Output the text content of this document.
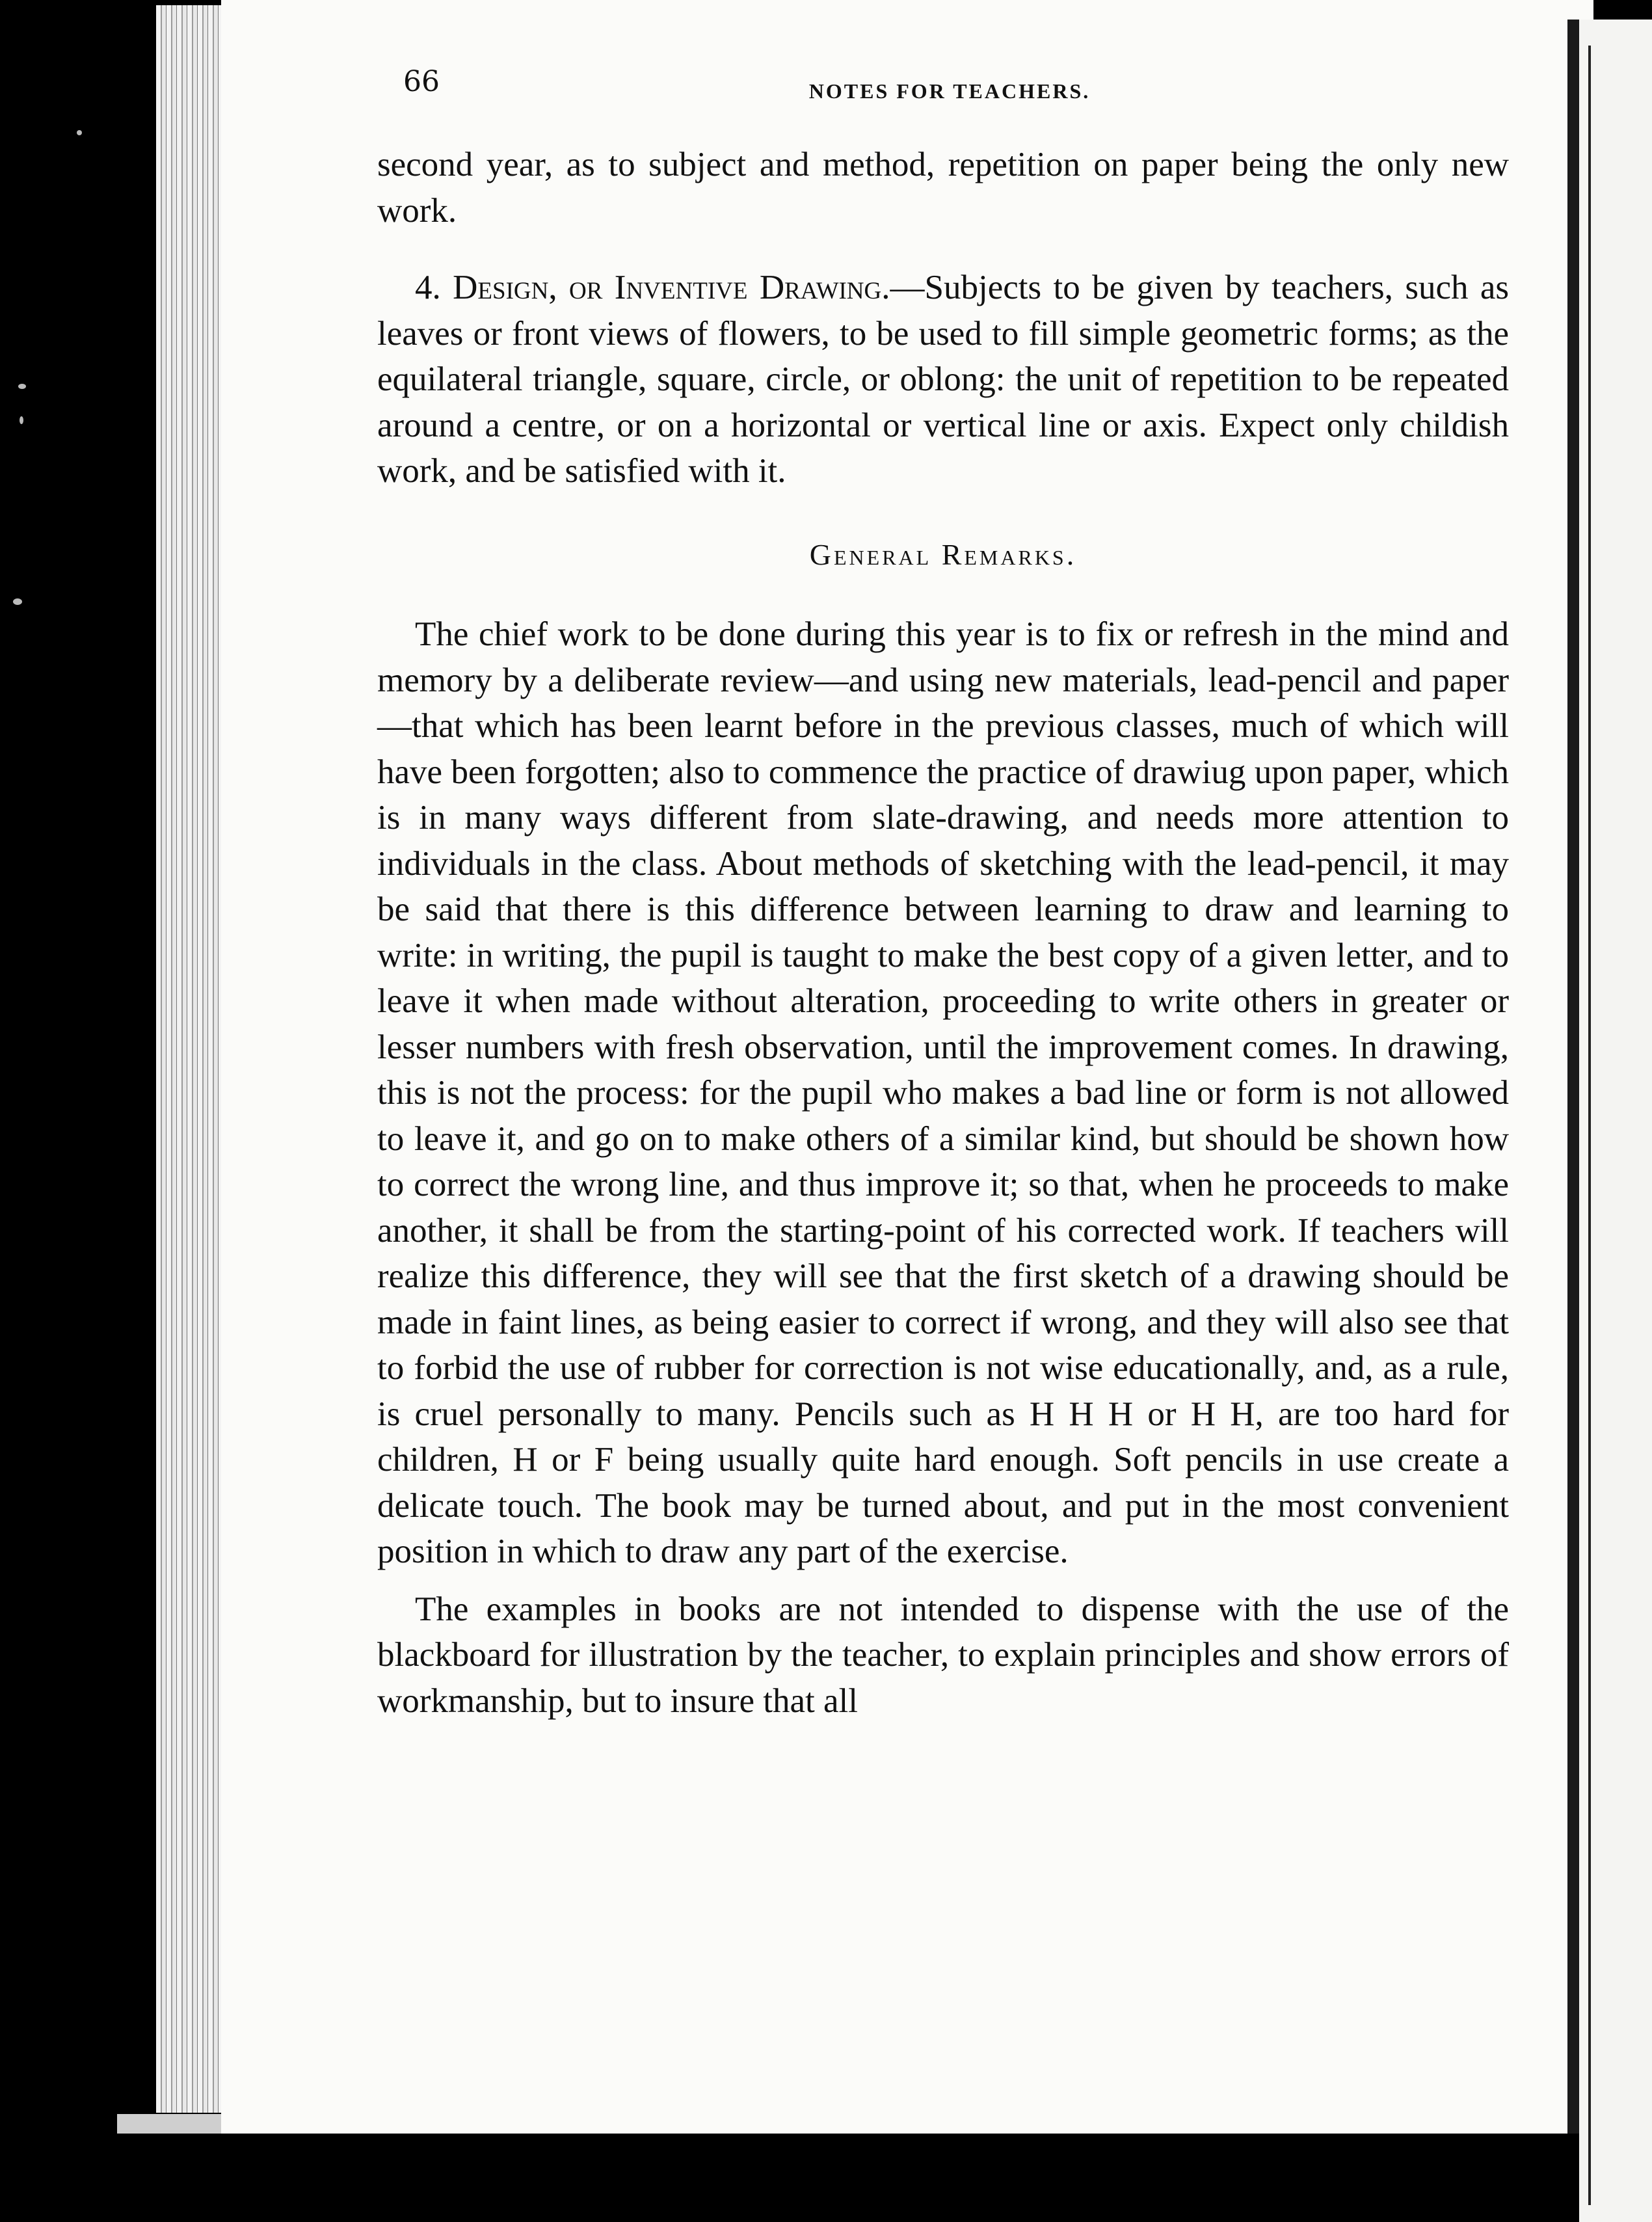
66	NOTES FOR TEACHERS.

second year, as to subject and method, repetition on paper being the only new work.

4. Design, or Inventive Drawing.—Subjects to be given by teachers, such as leaves or front views of flowers, to be used to fill simple geometric forms; as the equilateral triangle, square, circle, or oblong: the unit of repetition to be repeated around a centre, or on a horizontal or vertical line or axis. Expect only childish work, and be satisfied with it.

General Remarks.

The chief work to be done during this year is to fix or refresh in the mind and memory by a deliberate review—and using new materials, lead-pencil and paper—that which has been learnt before in the previous classes, much of which will have been forgotten; also to commence the practice of drawiug upon paper, which is in many ways different from slate-drawing, and needs more attention to individuals in the class. About methods of sketching with the lead-pencil, it may be said that there is this difference between learning to draw and learning to write: in writing, the pupil is taught to make the best copy of a given letter, and to leave it when made without alteration, proceeding to write others in greater or lesser numbers with fresh observation, until the improvement comes. In drawing, this is not the process: for the pupil who makes a bad line or form is not allowed to leave it, and go on to make others of a similar kind, but should be shown how to correct the wrong line, and thus improve it; so that, when he proceeds to make another, it shall be from the starting-point of his corrected work. If teachers will realize this difference, they will see that the first sketch of a drawing should be made in faint lines, as being easier to correct if wrong, and they will also see that to forbid the use of rubber for correction is not wise educationally, and, as a rule, is cruel personally to many. Pencils such as H H H or H H, are too hard for children, H or F being usually quite hard enough. Soft pencils in use create a delicate touch. The book may be turned about, and put in the most convenient position in which to draw any part of the exercise.

The examples in books are not intended to dispense with the use of the blackboard for illustration by the teacher, to explain principles and show errors of workmanship, but to insure that all
